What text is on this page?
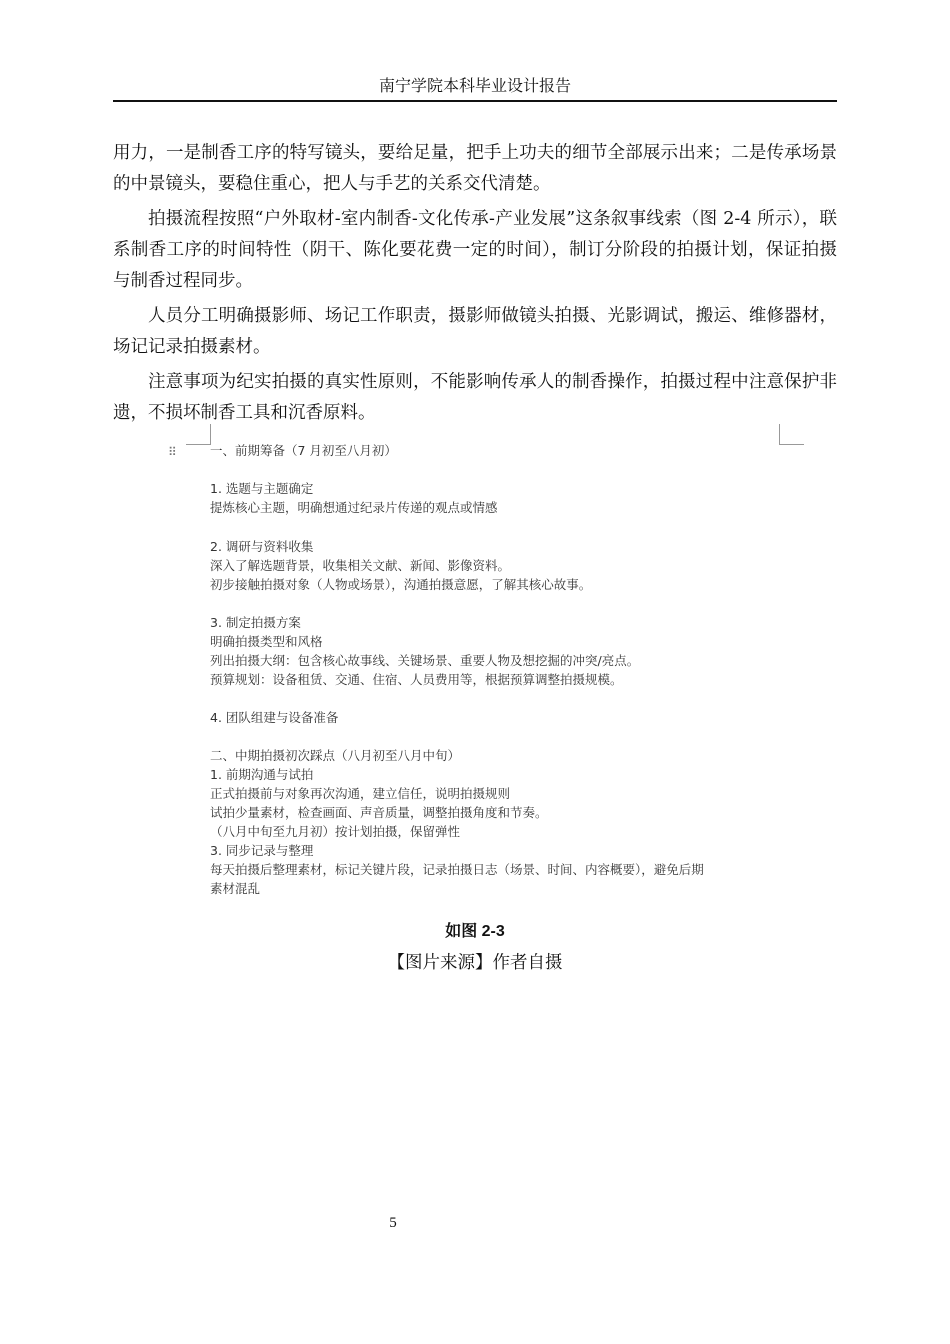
南宁学院本科毕业设计报告

用力，一是制香工序的特写镜头，要给足量，把手上功夫的细节全部展示出来；二是传承场景的中景镜头，要稳住重心，把人与手艺的关系交代清楚。

拍摄流程按照“户外取材-室内制香-文化传承-产业发展”这条叙事线索（图 2-4 所示），联系制香工序的时间特性（阴干、陈化要花费一定的时间），制订分阶段的拍摄计划，保证拍摄与制香过程同步。

人员分工明确摄影师、场记工作职责，摄影师做镜头拍摄、光影调试，搬运、维修器材，场记记录拍摄素材。

注意事项为纪实拍摄的真实性原则，不能影响传承人的制香操作，拍摄过程中注意保护非遗，不损坏制香工具和沉香原料。

⠿	一、前期筹备（7 月初至八月初）
1. 选题与主题确定
提炼核心主题，明确想通过纪录片传递的观点或情感
2. 调研与资料收集
深入了解选题背景，收集相关文献、新闻、影像资料。
初步接触拍摄对象（人物或场景），沟通拍摄意愿，了解其核心故事。
3. 制定拍摄方案
明确拍摄类型和风格
列出拍摄大纲：包含核心故事线、关键场景、重要人物及想挖掘的冲突/亮点。
预算规划：设备租赁、交通、住宿、人员费用等，根据预算调整拍摄规模。
4. 团队组建与设备准备
二、中期拍摄初次踩点（八月初至八月中旬）
1. 前期沟通与试拍
正式拍摄前与对象再次沟通，建立信任，说明拍摄规则
试拍少量素材，检查画面、声音质量，调整拍摄角度和节奏。
（八月中旬至九月初）按计划拍摄，保留弹性
3. 同步记录与整理
每天拍摄后整理素材，标记关键片段，记录拍摄日志（场景、时间、内容概要），避免后期
素材混乱
如图 2-3
【图片来源】作者自摄
5
